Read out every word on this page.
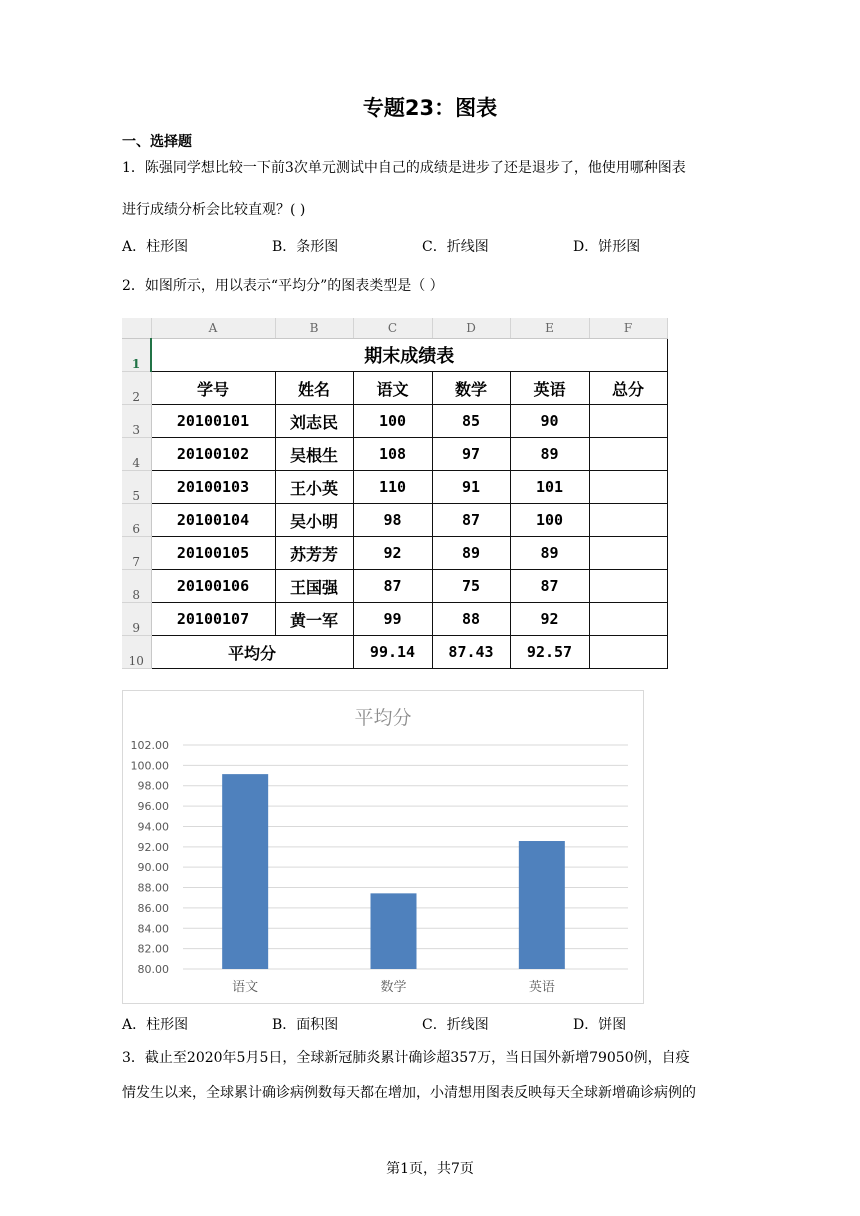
专题23：图表
一、选择题
1．陈强同学想比较一下前3次单元测试中自己的成绩是进步了还是退步了，他使用哪种图表
进行成绩分析会比较直观？( )
A．柱形图	B．条形图	C．折线图	D．饼形图
2．如图所示，用以表示“平均分”的图表类型是（ ）
	A	B	C	D	E	F
1	期末成绩表					
2	学号	姓名	语文	数学	英语	总分
3	20100101	刘志民	100	85	90	
4	20100102	吴根生	108	97	89	
5	20100103	王小英	110	91	101	
6	20100104	吴小明	98	87	100	
7	20100105	苏芳芳	92	89	89	
8	20100106	王国强	87	75	87	
9	20100107	黄一军	99	88	92	
10	平均分		99.14	87.43	92.57	
平均分
80.00
82.00
84.00
86.00
88.00
90.00
92.00
94.00
96.00
98.00
100.00
102.00
语文	数学	英语
A．柱形图	B．面积图	C．折线图	D．饼图
3．截止至2020年5月5日，全球新冠肺炎累计确诊超357万，当日国外新增79050例，自疫
情发生以来，全球累计确诊病例数每天都在增加，小清想用图表反映每天全球新增确诊病例的
第1页，共7页
